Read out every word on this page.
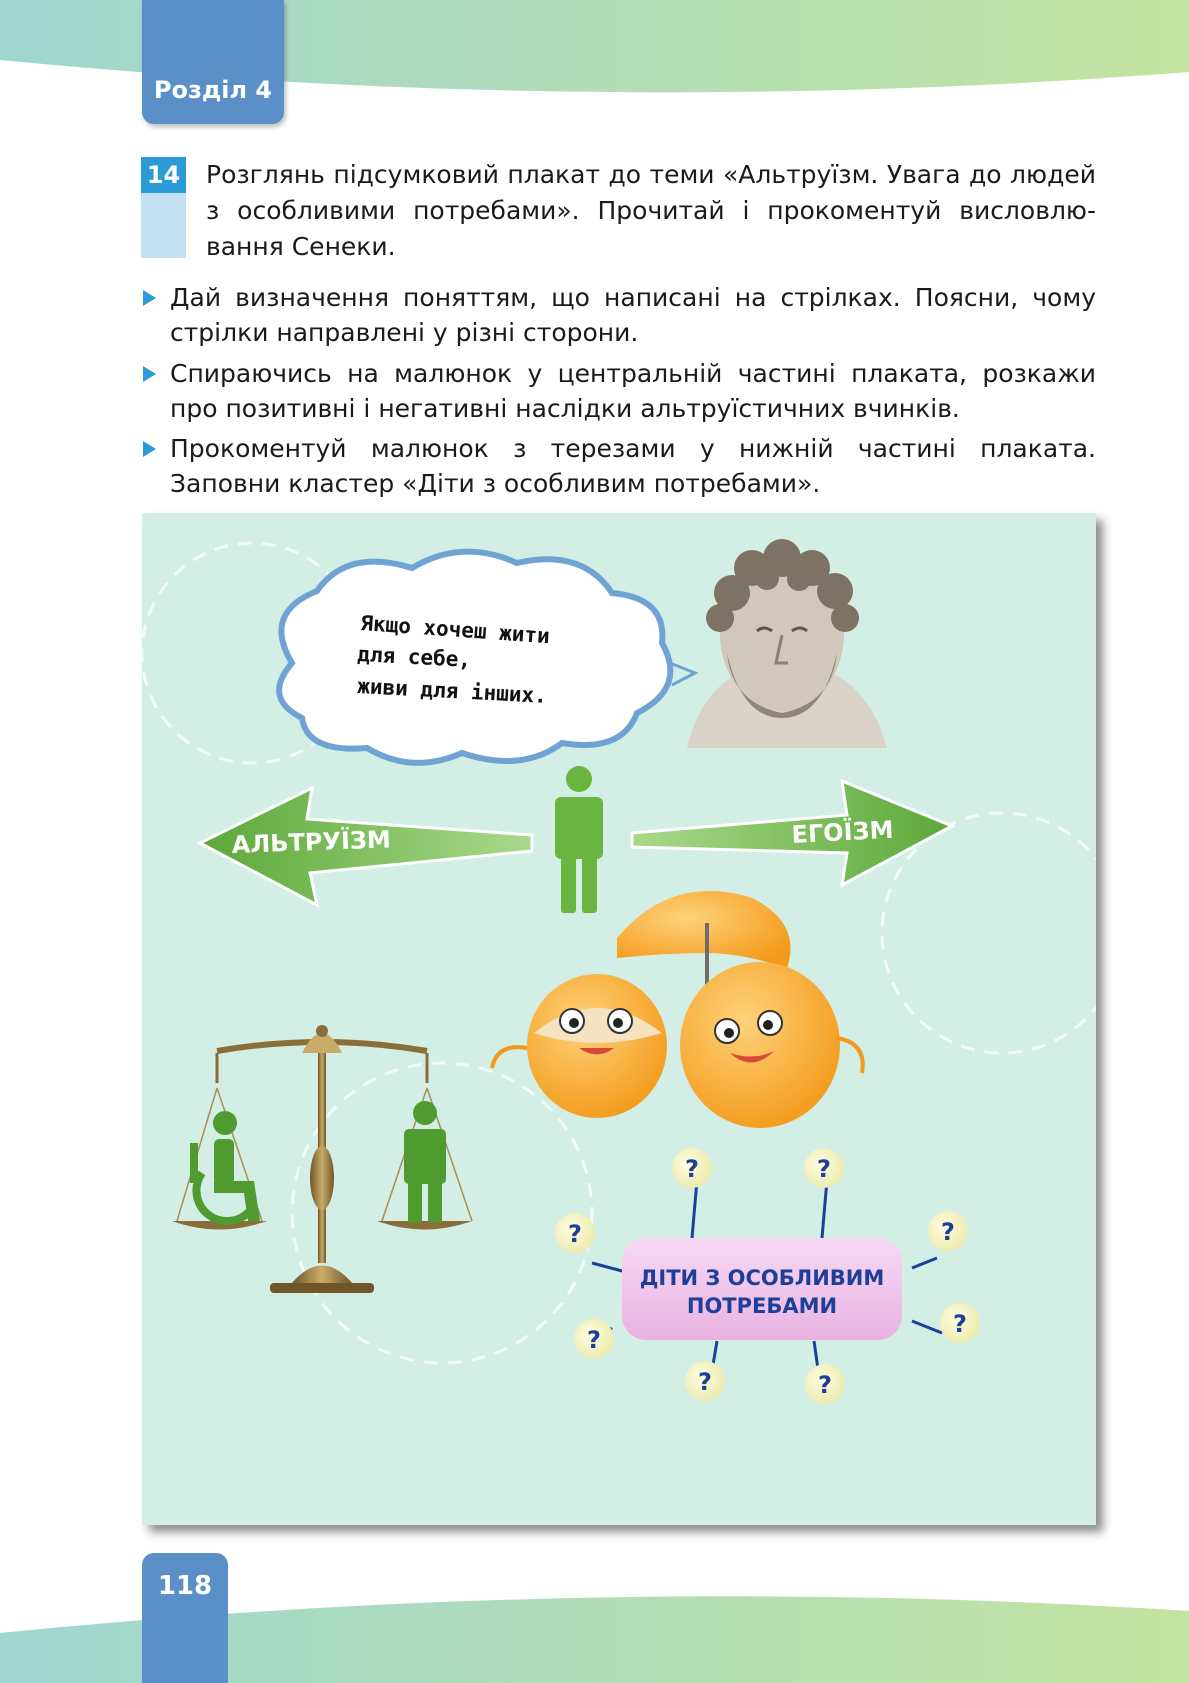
Розділ 4
14 Розглянь підсумковий плакат до теми «Альтруїзм. Увага до людей з особливими потребами». Прочитай і прокоментуй висловлю-вання Сенеки.
Дай визначення поняттям, що написані на стрілках. Поясни, чому стрілки направлені у різні сторони.
Спираючись на малюнок у центральній частині плаката, розкажи про позитивні і негативні наслідки альтруїстичних вчинків.
Прокоментуй малюнок з терезами у нижній частині плаката. Заповни кластер «Діти з особливим потребами».
Якщо хочеш жити
для себе,
живи для інших.
АЛЬТРУЇЗМ	ЕГОЇЗМ
ДІТИ З ОСОБЛИВИМ
ПОТРЕБАМИ
?	?
?	?
?
?
?	?
118
